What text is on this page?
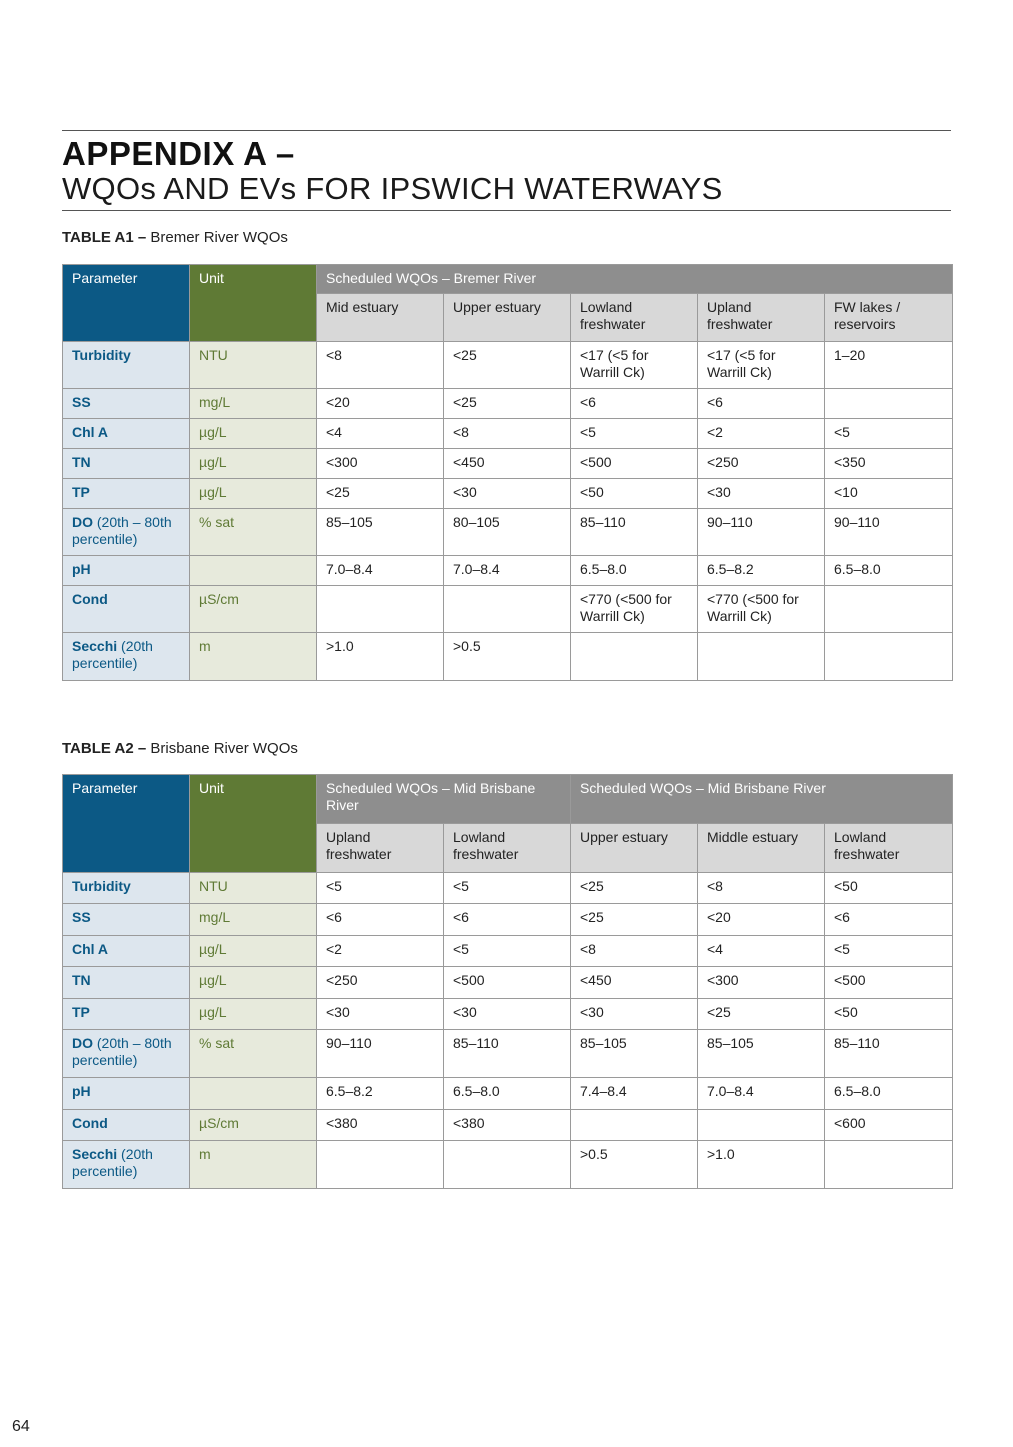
APPENDIX A –
WQOs AND EVs FOR IPSWICH WATERWAYS
TABLE A1 – Bremer River WQOs
Parameter	Unit	Scheduled WQOs – Bremer River				
		Mid estuary	Upper estuary	Lowland freshwater	Upland freshwater	FW lakes / reservoirs
Turbidity	NTU	<8	<25	<17 (<5 for Warrill Ck)	<17 (<5 for Warrill Ck)	1–20
SS	mg/L	<20	<25	<6	<6	
Chl A	µg/L	<4	<8	<5	<2	<5
TN	µg/L	<300	<450	<500	<250	<350
TP	µg/L	<25	<30	<50	<30	<10
DO (20th – 80th percentile)	% sat	85–105	80–105	85–110	90–110	90–110
pH		7.0–8.4	7.0–8.4	6.5–8.0	6.5–8.2	6.5–8.0
Cond	µS/cm			<770 (<500 for Warrill Ck)	<770 (<500 for Warrill Ck)	
Secchi (20th percentile)	m	>1.0	>0.5			
TABLE A2 – Brisbane River WQOs
Parameter	Unit	Scheduled WQOs – Mid Brisbane River		Scheduled WQOs – Mid Brisbane River		
		Upland freshwater	Lowland freshwater	Upper estuary	Middle estuary	Lowland freshwater
Turbidity	NTU	<5	<5	<25	<8	<50
SS	mg/L	<6	<6	<25	<20	<6
Chl A	µg/L	<2	<5	<8	<4	<5
TN	µg/L	<250	<500	<450	<300	<500
TP	µg/L	<30	<30	<30	<25	<50
DO (20th – 80th percentile)	% sat	90–110	85–110	85–105	85–105	85–110
pH		6.5–8.2	6.5–8.0	7.4–8.4	7.0–8.4	6.5–8.0
Cond	µS/cm	<380	<380			<600
Secchi (20th percentile)	m			>0.5	>1.0	
64
